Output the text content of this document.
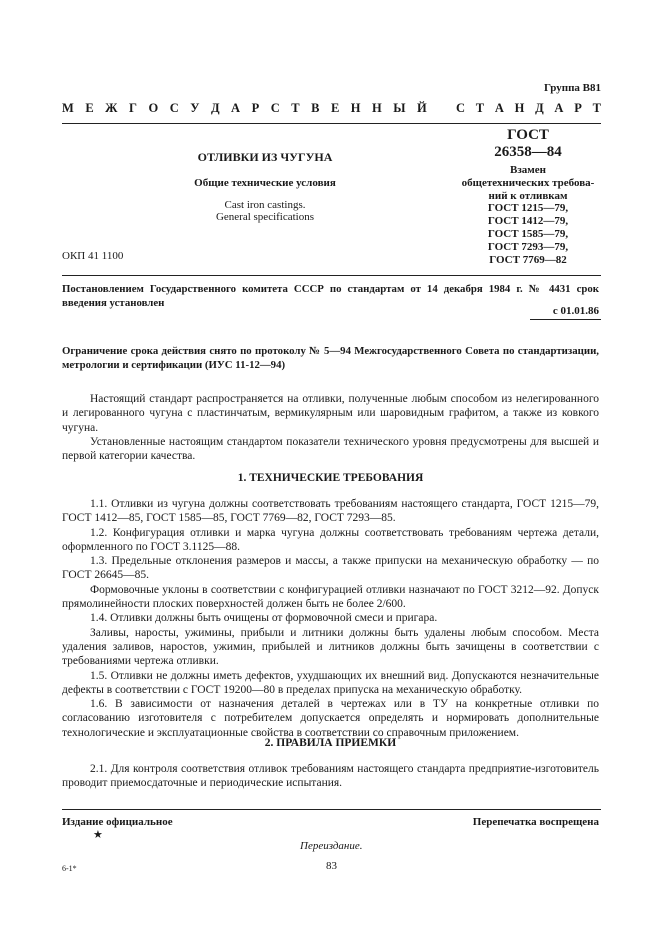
Группа В81
М Е Ж Г О С У Д А Р С Т В Е Н Н Ы Й С Т А Н Д А Р Т
ОТЛИВКИ ИЗ ЧУГУНА
Общие технические условия
Cast iron castings.
General specifications
ОКП 41 1100
ГОСТ
26358—84
Взамен
общетехнических требова-
ний к отливкам
ГОСТ 1215—79,
ГОСТ 1412—79,
ГОСТ 1585—79,
ГОСТ 7293—79,
ГОСТ 7769—82

Постановлением Государственного комитета СССР по стандартам от 14 декабря 1984 г. № 4431 срок введения установлен

с 01.01.86

Ограничение срока действия снято по протоколу № 5—94 Межгосударственного Совета по стандартизации, метрологии и сертификации (ИУС 11-12—94)

Настоящий стандарт распространяется на отливки, полученные любым способом из нелегированного и легированного чугуна с пластинчатым, вермикулярным или шаровидным графитом, а также из ковкого чугуна.

Установленные настоящим стандартом показатели технического уровня предусмотрены для высшей и первой категории качества.

1. ТЕХНИЧЕСКИЕ ТРЕБОВАНИЯ

1.1. Отливки из чугуна должны соответствовать требованиям настоящего стандарта, ГОСТ 1215—79, ГОСТ 1412—85, ГОСТ 1585—85, ГОСТ 7769—82, ГОСТ 7293—85.

1.2. Конфигурация отливки и марка чугуна должны соответствовать требованиям чертежа детали, оформленного по ГОСТ 3.1125—88.

1.3. Предельные отклонения размеров и массы, а также припуски на механическую обработку — по ГОСТ 26645—85.

Формовочные уклоны в соответствии с конфигурацией отливки назначают по ГОСТ 3212—92. Допуск прямолинейности плоских поверхностей должен быть не более 2/600.

1.4. Отливки должны быть очищены от формовочной смеси и пригара.

Заливы, наросты, ужимины, прибыли и литники должны быть удалены любым способом. Места удаления заливов, наростов, ужимин, прибылей и литников должны быть зачищены в соответствии с требованиями чертежа отливки.

1.5. Отливки не должны иметь дефектов, ухудшающих их внешний вид. Допускаются незначительные дефекты в соответствии с ГОСТ 19200—80 в пределах припуска на механическую обработку.

1.6. В зависимости от назначения деталей в чертежах или в ТУ на конкретные отливки по согласованию изготовителя с потребителем допускается определять и нормировать дополнительные технологические и эксплуатационные свойства в соответствии со справочным приложением.

2. ПРАВИЛА ПРИЕМКИ

2.1. Для контроля соответствия отливок требованиям настоящего стандарта предприятие-изготовитель проводит приемосдаточные и периодические испытания.

Издание официальное
★
Перепечатка воспрещена
Переиздание.
83
6-1*
